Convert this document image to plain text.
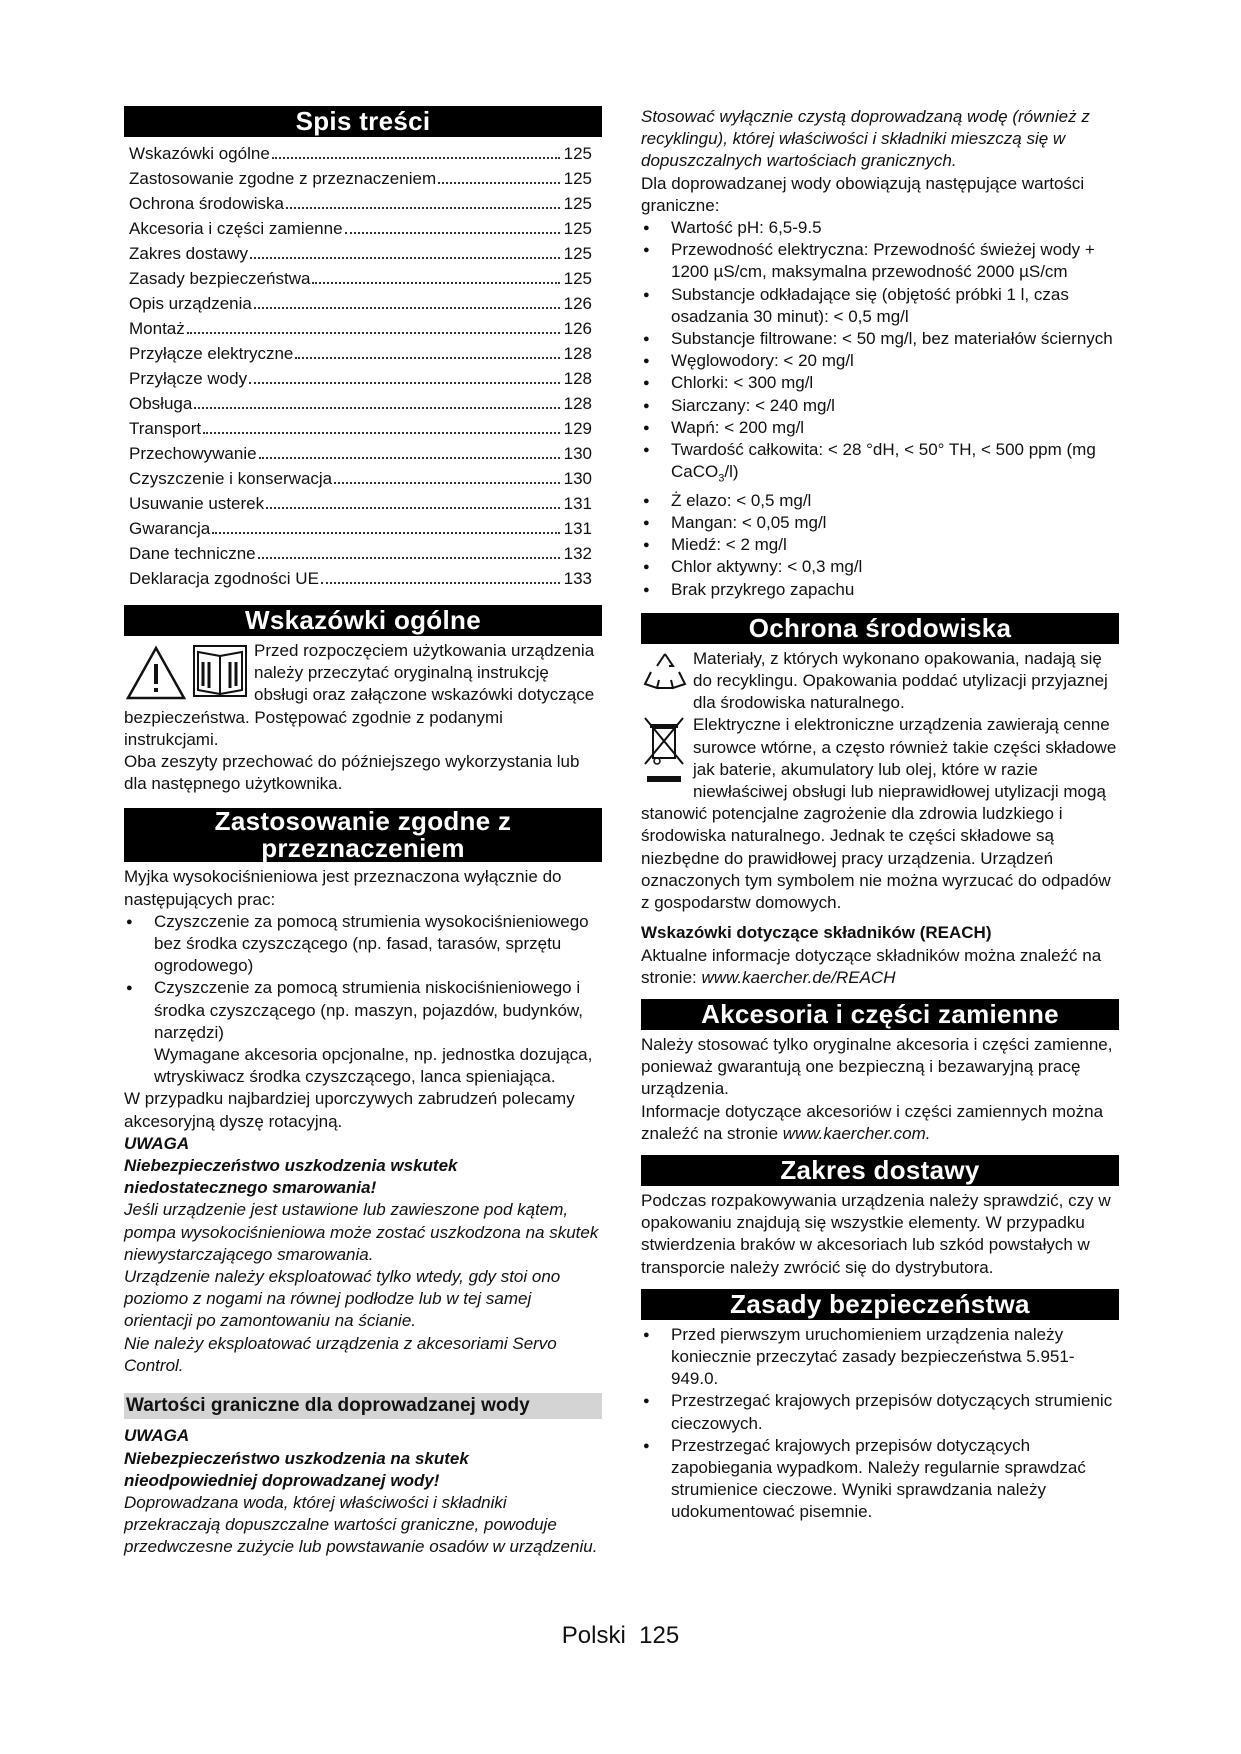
Spis treści
Wskazówki ogólne	125
Zastosowanie zgodne z przeznaczeniem	125
Ochrona środowiska	125
Akcesoria i części zamienne	125
Zakres dostawy	125
Zasady bezpieczeństwa	125
Opis urządzenia	126
Montaż	126
Przyłącze elektryczne	128
Przyłącze wody	128
Obsługa	128
Transport	129
Przechowywanie	130
Czyszczenie i konserwacja	130
Usuwanie usterek	131
Gwarancja	131
Dane techniczne	132
Deklaracja zgodności UE	133
Wskazówki ogólne

Przed rozpoczęciem użytkowania urządzenia należy przeczytać oryginalną instrukcję obsługi oraz załączone wskazówki dotyczące bezpieczeństwa. Postępować zgodnie z podanymi instrukcjami.

Oba zeszyty przechować do późniejszego wykorzystania lub dla następnego użytkownika.

Zastosowanie zgodne z przeznaczeniem

Myjka wysokociśnieniowa jest przeznaczona wyłącznie do następujących prac:

● Czyszczenie za pomocą strumienia wysokociśnieniowego bez środka czyszczącego (np. fasad, tarasów, sprzętu ogrodowego)
● Czyszczenie za pomocą strumienia niskociśnieniowego i środka czyszczącego (np. maszyn, pojazdów, budynków, narzędzi)
Wymagane akcesoria opcjonalne, np. jednostka dozująca, wtryskiwacz środka czyszczącego, lanca spieniająca.

W przypadku najbardziej uporczywych zabrudzeń polecamy akcesoryjną dyszę rotacyjną.

UWAGA

Niebezpieczeństwo uszkodzenia wskutek niedostatecznego smarowania!

Jeśli urządzenie jest ustawione lub zawieszone pod kątem, pompa wysokociśnieniowa może zostać uszkodzona na skutek niewystarczającego smarowania.

Urządzenie należy eksploatować tylko wtedy, gdy stoi ono poziomo z nogami na równej podłodze lub w tej samej orientacji po zamontowaniu na ścianie.

Nie należy eksploatować urządzenia z akcesoriami Servo Control.

Wartości graniczne dla doprowadzanej wody

UWAGA

Niebezpieczeństwo uszkodzenia na skutek nieodpowiedniej doprowadzanej wody!

Doprowadzana woda, której właściwości i składniki przekraczają dopuszczalne wartości graniczne, powoduje przedwczesne zużycie lub powstawanie osadów w urządzeniu.

Stosować wyłącznie czystą doprowadzaną wodę (również z recyklingu), której właściwości i składniki mieszczą się w dopuszczalnych wartościach granicznych.

Dla doprowadzanej wody obowiązują następujące wartości graniczne:

● Wartość pH: 6,5-9.5
● Przewodność elektryczna: Przewodność świeżej wody + 1200 µS/cm, maksymalna przewodność 2000 µS/cm
● Substancje odkładające się (objętość próbki 1 l, czas osadzania 30 minut): < 0,5 mg/l
● Substancje filtrowane: < 50 mg/l, bez materiałów ściernych
● Węglowodory: < 20 mg/l
● Chlorki: < 300 mg/l
● Siarczany: < 240 mg/l
● Wapń: < 200 mg/l
● Twardość całkowita: < 28 °dH, < 50° TH, < 500 ppm (mg CaCO$_3$/l)
● Ż elazo: < 0,5 mg/l
● Mangan: < 0,05 mg/l
● Miedź: < 2 mg/l
● Chlor aktywny: < 0,3 mg/l
● Brak przykrego zapachu
Ochrona środowiska

Materiały, z których wykonano opakowania, nadają się do recyklingu. Opakowania poddać utylizacji przyjaznej dla środowiska naturalnego.

Elektryczne i elektroniczne urządzenia zawierają cenne surowce wtórne, a często również takie części składowe jak baterie, akumulatory lub olej, które w razie niewłaściwej obsługi lub nieprawidłowej utylizacji mogą stanowić potencjalne zagrożenie dla zdrowia ludzkiego i środowiska naturalnego. Jednak te części składowe są niezbędne do prawidłowej pracy urządzenia. Urządzeń oznaczonych tym symbolem nie można wyrzucać do odpadów z gospodarstw domowych.

Wskazówki dotyczące składników (REACH)

Aktualne informacje dotyczące składników można znaleźć na stronie: www.kaercher.de/REACH

Akcesoria i części zamienne

Należy stosować tylko oryginalne akcesoria i części zamienne, ponieważ gwarantują one bezpieczną i bezawaryjną pracę urządzenia.

Informacje dotyczące akcesoriów i części zamiennych można znaleźć na stronie www.kaercher.com.

Zakres dostawy

Podczas rozpakowywania urządzenia należy sprawdzić, czy w opakowaniu znajdują się wszystkie elementy. W przypadku stwierdzenia braków w akcesoriach lub szkód powstałych w transporcie należy zwrócić się do dystrybutora.

Zasady bezpieczeństwa
● Przed pierwszym uruchomieniem urządzenia należy koniecznie przeczytać zasady bezpieczeństwa 5.951-949.0.
● Przestrzegać krajowych przepisów dotyczących strumienic cieczowych.
● Przestrzegać krajowych przepisów dotyczących zapobiegania wypadkom. Należy regularnie sprawdzać strumienice cieczowe. Wyniki sprawdzania należy udokumentować pisemnie.
Polski 125
